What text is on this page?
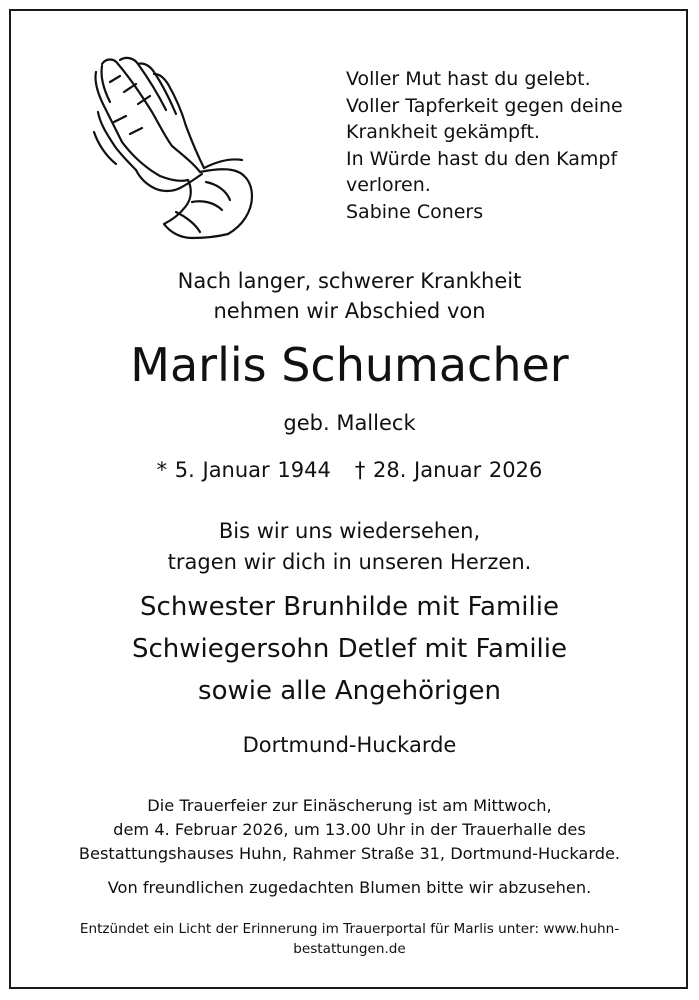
Voller Mut hast du gelebt.
Voller Tapferkeit gegen deine
Krankheit gekämpft.
In Würde hast du den Kampf
verloren.
Sabine Coners
Nach langer, schwerer Krankheit
nehmen wir Abschied von
Marlis Schumacher
geb. Malleck
* 5. Januar 1944 † 28. Januar 2026
Bis wir uns wiedersehen,
tragen wir dich in unseren Herzen.
Schwester Brunhilde mit Familie
Schwiegersohn Detlef mit Familie
sowie alle Angehörigen
Dortmund-Huckarde
Die Trauerfeier zur Einäscherung ist am Mittwoch,
dem 4. Februar 2026, um 13.00 Uhr in der Trauerhalle des
Bestattungshauses Huhn, Rahmer Straße 31, Dortmund-Huckarde.
Von freundlichen zugedachten Blumen bitte wir abzusehen.
Entzündet ein Licht der Erinnerung im Trauerportal für Marlis unter: www.huhn-
bestattungen.de
